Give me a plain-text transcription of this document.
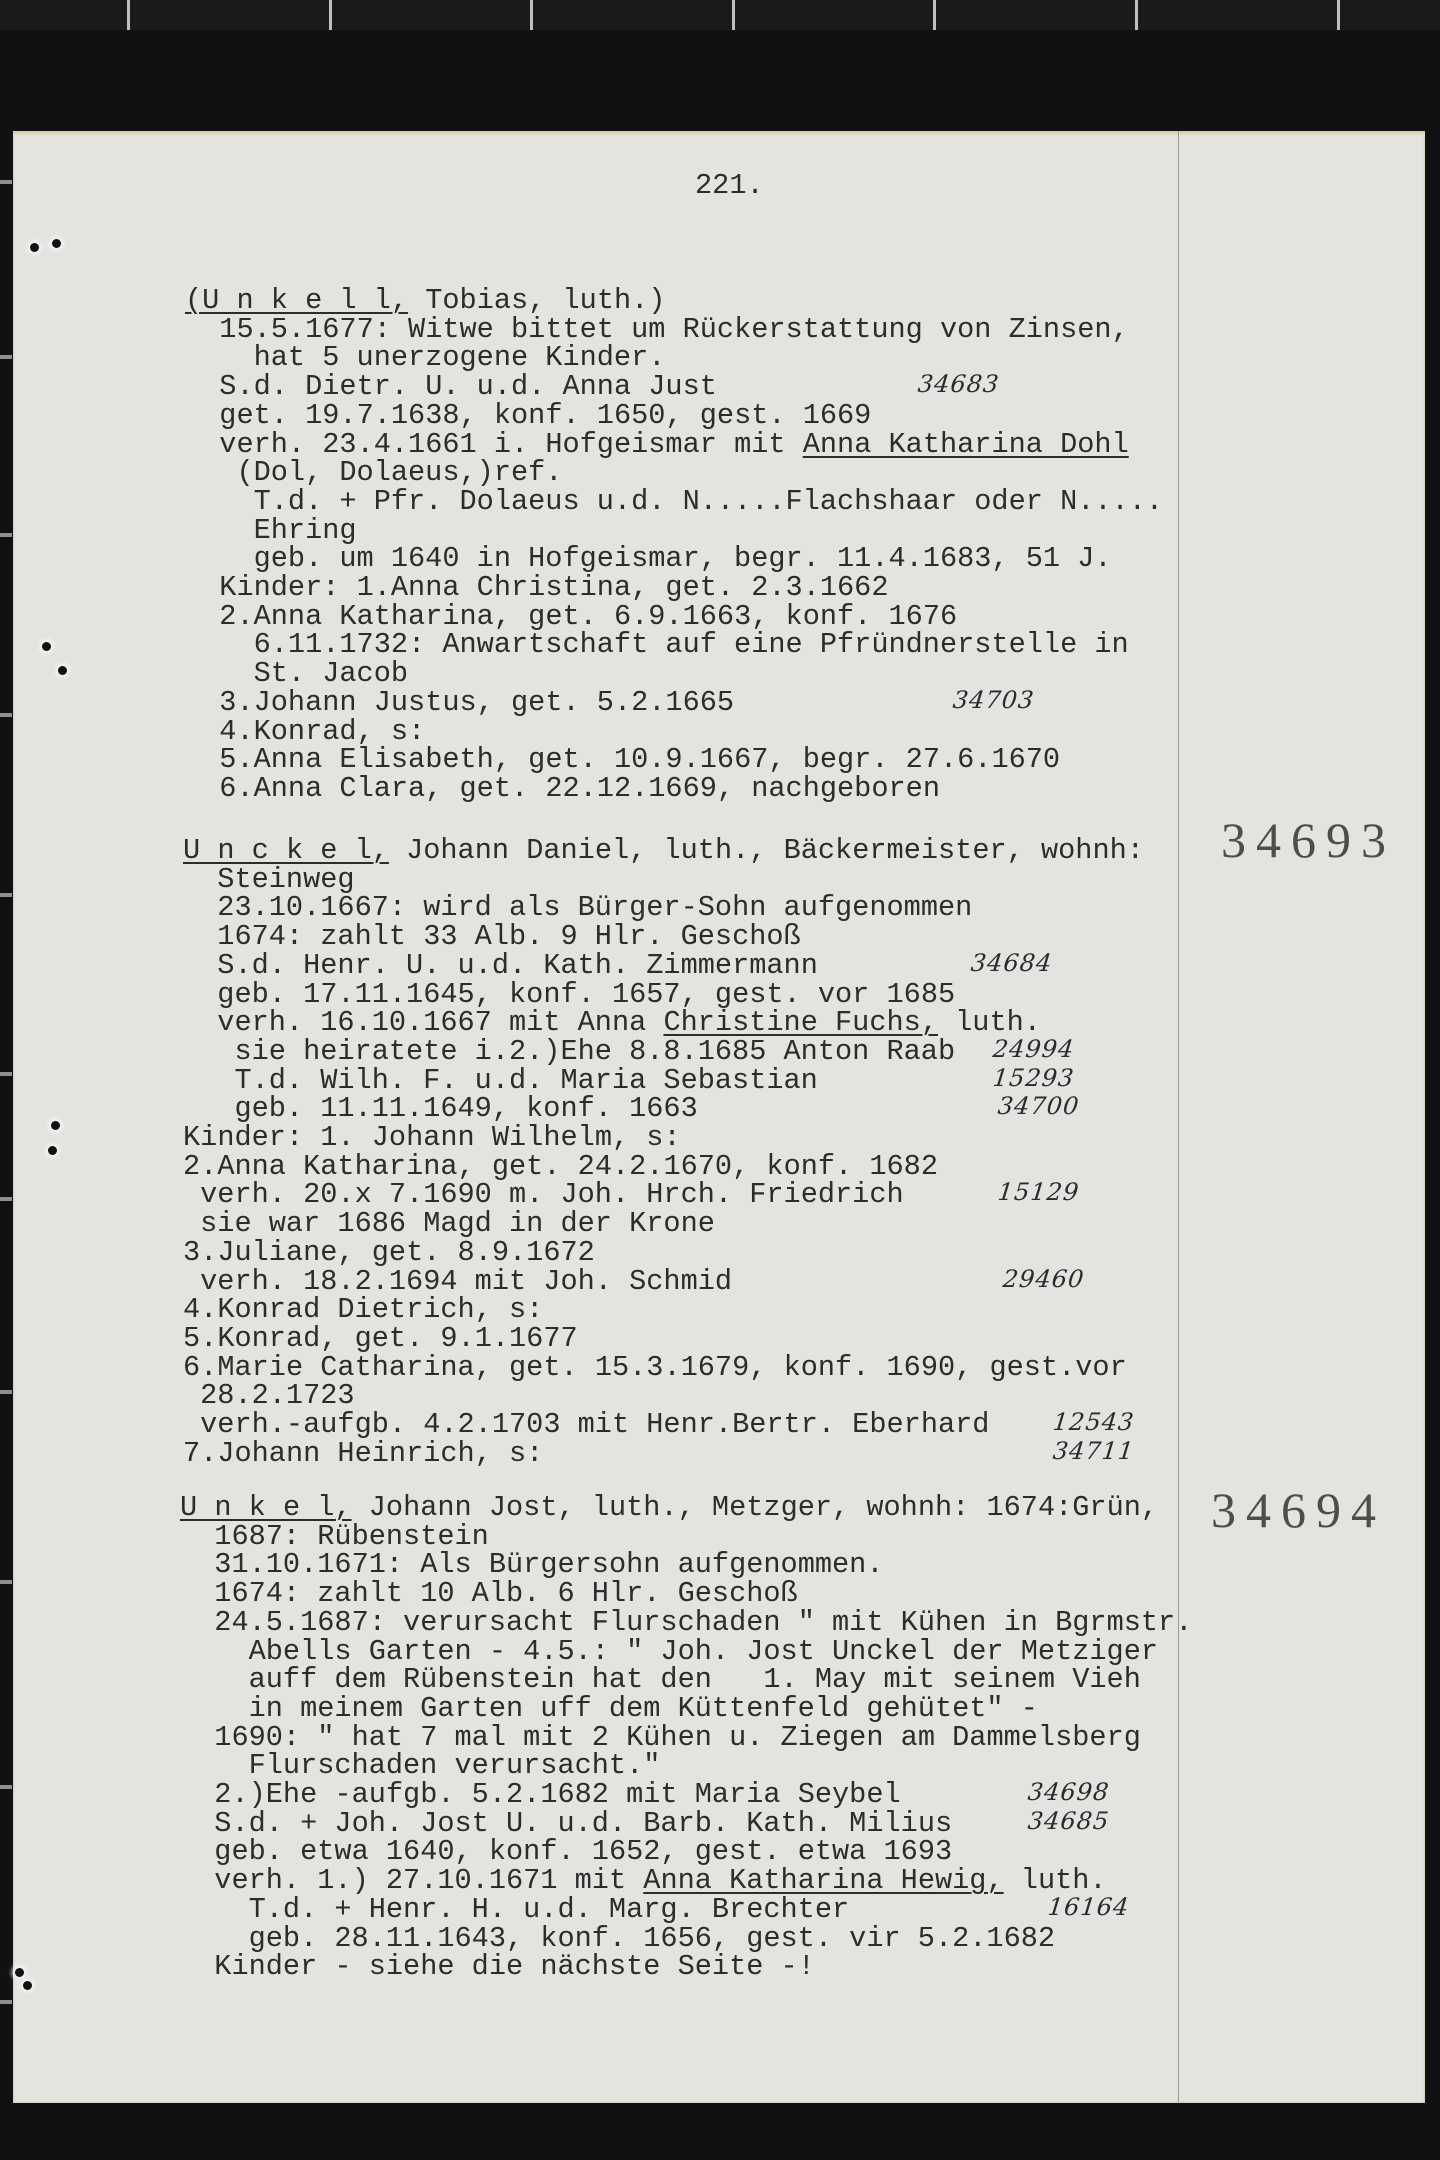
221.
(U n k e l l, Tobias, luth.)
15.5.1677: Witwe bittet um Rückerstattung von Zinsen,
hat 5 unerzogene Kinder.
S.d. Dietr. U. u.d. Anna Just
get. 19.7.1638, konf. 1650, gest. 1669
verh. 23.4.1661 i. Hofgeismar mit Anna Katharina Dohl
(Dol, Dolaeus,)ref.
T.d. + Pfr. Dolaeus u.d. N.....Flachshaar oder N.....
Ehring
geb. um 1640 in Hofgeismar, begr. 11.4.1683, 51 J.
Kinder: 1.Anna Christina, get. 2.3.1662
2.Anna Katharina, get. 6.9.1663, konf. 1676
6.11.1732: Anwartschaft auf eine Pfründnerstelle in
St. Jacob
3.Johann Justus, get. 5.2.1665
4.Konrad, s:
5.Anna Elisabeth, get. 10.9.1667, begr. 27.6.1670
6.Anna Clara, get. 22.12.1669, nachgeboren
34683
34703
U n c k e l, Johann Daniel, luth., Bäckermeister, wohnh:
Steinweg
23.10.1667: wird als Bürger-Sohn aufgenommen
1674: zahlt 33 Alb. 9 Hlr. Geschoß
S.d. Henr. U. u.d. Kath. Zimmermann
geb. 17.11.1645, konf. 1657, gest. vor 1685
verh. 16.10.1667 mit Anna Christine Fuchs, luth.
sie heiratete i.2.)Ehe 8.8.1685 Anton Raab
T.d. Wilh. F. u.d. Maria Sebastian
geb. 11.11.1649, konf. 1663
Kinder: 1. Johann Wilhelm, s:
2.Anna Katharina, get. 24.2.1670, konf. 1682
verh. 20.x 7.1690 m. Joh. Hrch. Friedrich
sie war 1686 Magd in der Krone
3.Juliane, get. 8.9.1672
verh. 18.2.1694 mit Joh. Schmid
4.Konrad Dietrich, s:
5.Konrad, get. 9.1.1677
6.Marie Catharina, get. 15.3.1679, konf. 1690, gest.vor
28.2.1723
verh.-aufgb. 4.2.1703 mit Henr.Bertr. Eberhard
7.Johann Heinrich, s:
34684
24994
15293
34700
15129
29460
12543
34711
34693
U n k e l, Johann Jost, luth., Metzger, wohnh: 1674:Grün,
1687: Rübenstein
31.10.1671: Als Bürgersohn aufgenommen.
1674: zahlt 10 Alb. 6 Hlr. Geschoß
24.5.1687: verursacht Flurschaden " mit Kühen in Bgrmstr.
Abells Garten - 4.5.: " Joh. Jost Unckel der Metziger
auff dem Rübenstein hat den   1. May mit seinem Vieh
in meinem Garten uff dem Küttenfeld gehütet" -
1690: " hat 7 mal mit 2 Kühen u. Ziegen am Dammelsberg
Flurschaden verursacht."
2.)Ehe -aufgb. 5.2.1682 mit Maria Seybel
S.d. + Joh. Jost U. u.d. Barb. Kath. Milius
geb. etwa 1640, konf. 1652, gest. etwa 1693
verh. 1.) 27.10.1671 mit Anna Katharina Hewig, luth.
T.d. + Henr. H. u.d. Marg. Brechter
geb. 28.11.1643, konf. 1656, gest. vir 5.2.1682
Kinder - siehe die nächste Seite -!
34698
34685
16164
34694
